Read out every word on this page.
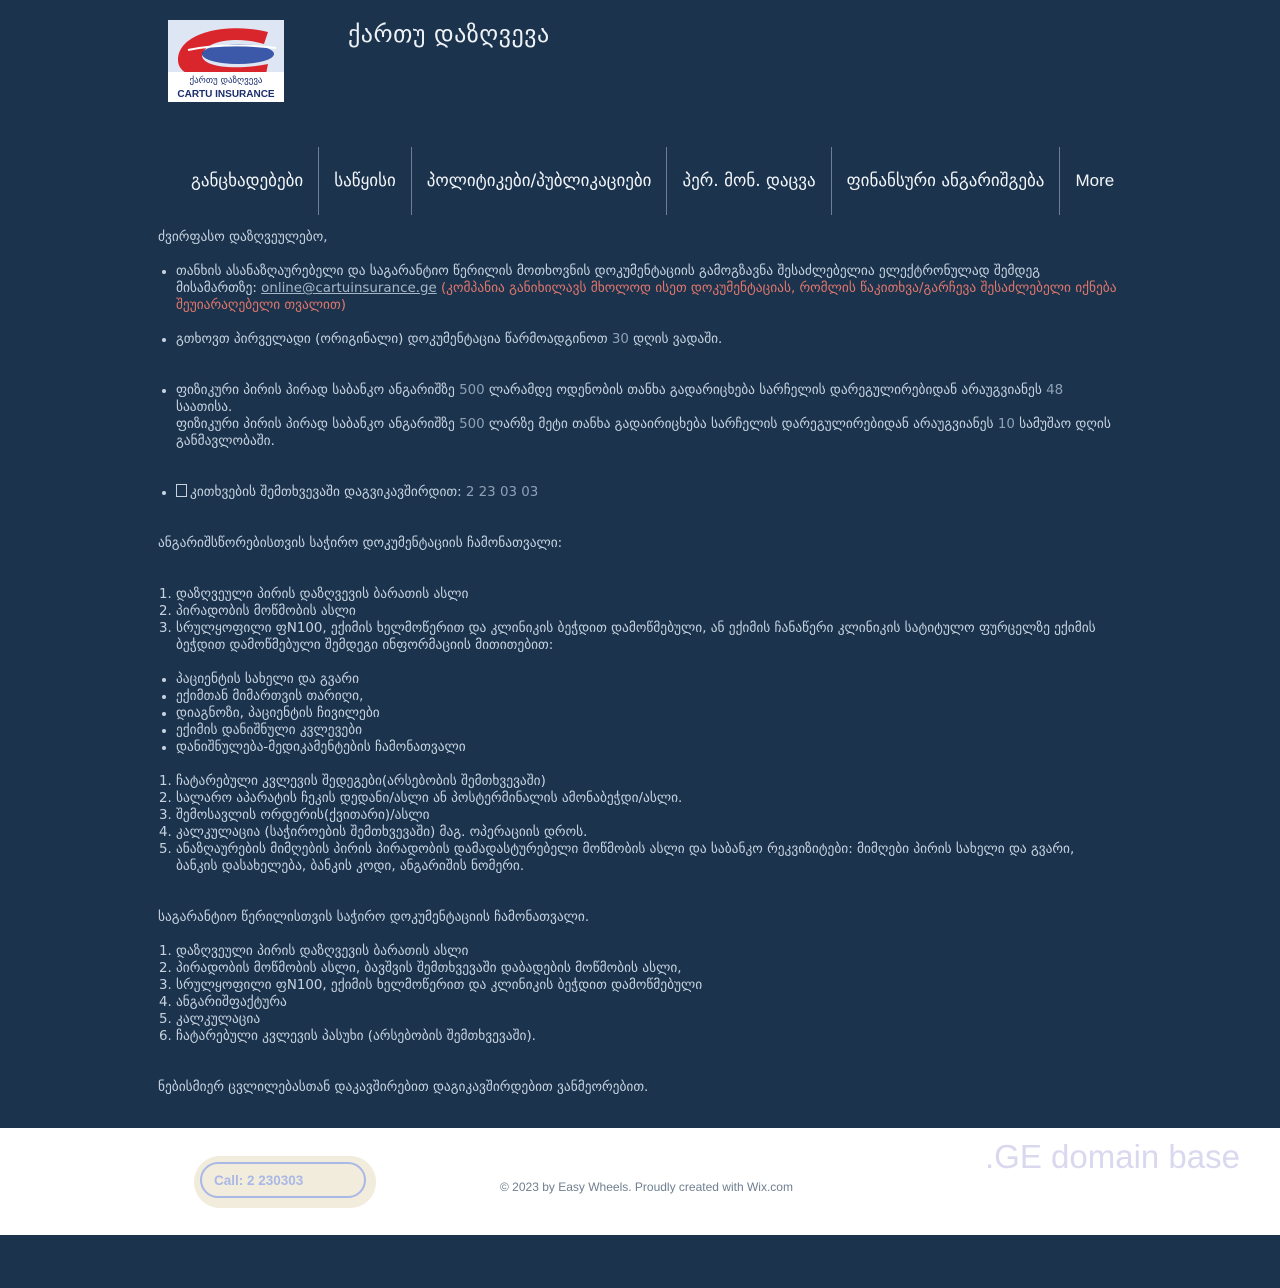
ქართუ დაზღვევა
CARTU INSURANCE
ქართუ დაზღვევა
განცხადებები	საწყისი	პოლიტიკები/პუბლიკაციები	პერ. მონ. დაცვა	ფინანსური ანგარიშგება	More

ძვირფასო დაზღვეულებო,

• თანხის ასანაზღაურებელი და საგარანტიო წერილის მოთხოვნის დოკუმენტაციის გამოგზავნა შესაძლებელია ელექტრონულად შემდეგ მისამართზე: online@cartuinsurance.ge (კომპანია განიხილავს მხოლოდ ისეთ დოკუმენტაციას, რომლის წაკითხვა/გარჩევა შესაძლებელი იქნება შეუიარაღებელი თვალით)
• გთხოვთ პირველადი (ორიგინალი) დოკუმენტაცია წარმოადგინოთ 30 დღის ვადაში.
• ფიზიკური პირის პირად საბანკო ანგარიშზე 500 ლარამდე ოდენობის თანხა გადარიცხება სარჩელის დარეგულირებიდან არაუგვიანეს 48 საათისა.
ფიზიკური პირის პირად საბანკო ანგარიშზე 500 ლარზე მეტი თანხა გადაირიცხება სარჩელის დარეგულირებიდან არაუგვიანეს 10 სამუშაო დღის განმავლობაში.
• კითხვების შემთხვევაში დაგვიკავშირდით: 2 23 03 03

ანგარიშსწორებისთვის საჭირო დოკუმენტაციის ჩამონათვალი:

1. დაზღვეული პირის დაზღვევის ბარათის ასლი
2. პირადობის მოწმობის ასლი
3. სრულყოფილი ფN100, ექიმის ხელმოწერით და კლინიკის ბეჭდით დამოწმებული, ან ექიმის ჩანაწერი კლინიკის სატიტულო ფურცელზე ექიმის ბეჭდით დამოწმებული შემდეგი ინფორმაციის მითითებით:
• პაციენტის სახელი და გვარი
• ექიმთან მიმართვის თარიღი,
• დიაგნოზი, პაციენტის ჩივილები
• ექიმის დანიშნული კვლევები
• დანიშნულება-მედიკამენტების ჩამონათვალი
1. ჩატარებული კვლევის შედეგები(არსებობის შემთხვევაში)
2. სალარო აპარატის ჩეკის დედანი/ასლი ან პოსტერმინალის ამონაბეჭდი/ასლი.
3. შემოსავლის ორდერის(ქვითარი)/ასლი
4. კალკულაცია (საჭიროების შემთხვევაში) მაგ. ოპერაციის დროს.
5. ანაზღაურების მიმღების პირის პირადობის დამადასტურებელი მოწმობის ასლი და საბანკო რეკვიზიტები: მიმღები პირის სახელი და გვარი, ბანკის დასახელება, ბანკის კოდი, ანგარიშის ნომერი.

საგარანტიო წერილისთვის საჭირო დოკუმენტაციის ჩამონათვალი.

1. დაზღვეული პირის დაზღვევის ბარათის ასლი
2. პირადობის მოწმობის ასლი, ბავშვის შემთხვევაში დაბადების მოწმობის ასლი,
3. სრულყოფილი ფN100, ექიმის ხელმოწერით და კლინიკის ბეჭდით დამოწმებული
4. ანგარიშფაქტურა
5. კალკულაცია
6. ჩატარებული კვლევის პასუხი (არსებობის შემთხვევაში).

ნებისმიერ ცვლილებასთან დაკავშირებით დაგიკავშირდებით ვანმეორებით.

Call: 2 230303	© 2023 by Easy Wheels. Proudly created with Wix.com
.GE domain base
